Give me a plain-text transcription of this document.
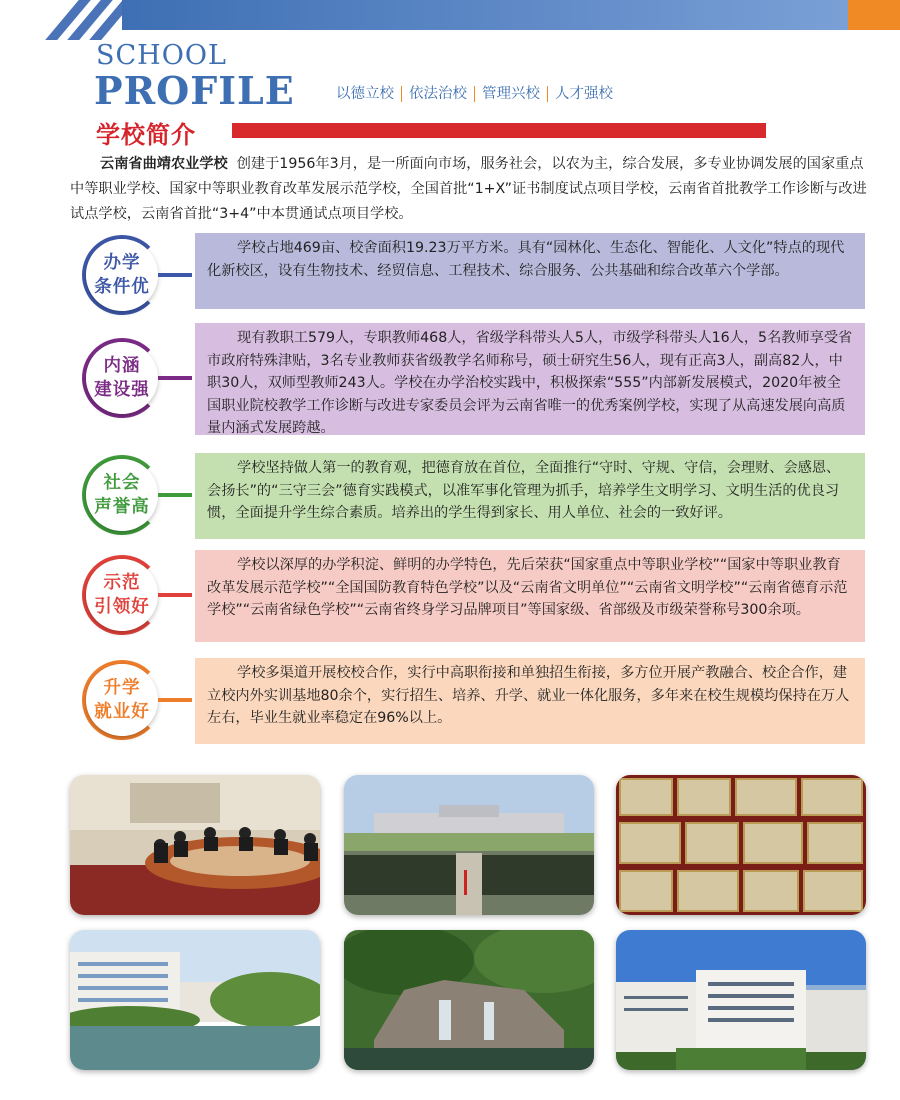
SCHOOL
PROFILE	以德立校	依法治校	管理兴校	人才强校
学校简介
云南省曲靖农业学校 创建于1956年3月，是一所面向市场，服务社会，以农为主，综合发展，多专业协调发展的国家重点中等职业学校、国家中等职业教育改革发展示范学校，全国首批“1+X”证书制度试点项目学校，云南省首批教学工作诊断与改进试点学校，云南省首批“3+4”中本贯通试点项目学校。
办学
条件优
学校占地469亩、校舍面积19.23万平方米。具有“园林化、生态化、智能化、人文化”特点的现代化新校区，设有生物技术、经贸信息、工程技术、综合服务、公共基础和综合改革六个学部。
内涵
建设强
现有教职工579人，专职教师468人，省级学科带头人5人，市级学科带头人16人，5名教师享受省市政府特殊津贴，3名专业教师获省级教学名师称号，硕士研究生56人，现有正高3人，副高82人，中职30人，双师型教师243人。学校在办学治校实践中，积极探索“555”内部新发展模式，2020年被全国职业院校教学工作诊断与改进专家委员会评为云南省唯一的优秀案例学校，实现了从高速发展向高质量内涵式发展跨越。
社会
声誉高
学校坚持做人第一的教育观，把德育放在首位，全面推行“守时、守规、守信，会理财、会感恩、会扬长”的“三守三会”德育实践模式，以准军事化管理为抓手，培养学生文明学习、文明生活的优良习惯，全面提升学生综合素质。培养出的学生得到家长、用人单位、社会的一致好评。
示范
引领好
学校以深厚的办学积淀、鲜明的办学特色，先后荣获“国家重点中等职业学校”“国家中等职业教育改革发展示范学校”“全国国防教育特色学校”以及“云南省文明单位”“云南省文明学校”“云南省德育示范学校”“云南省绿色学校”“云南省终身学习品牌项目”等国家级、省部级及市级荣誉称号300余项。
升学
就业好
学校多渠道开展校校合作，实行中高职衔接和单独招生衔接，多方位开展产教融合、校企合作，建立校内外实训基地80余个，实行招生、培养、升学、就业一体化服务，多年来在校生规模均保持在万人左右，毕业生就业率稳定在96%以上。
